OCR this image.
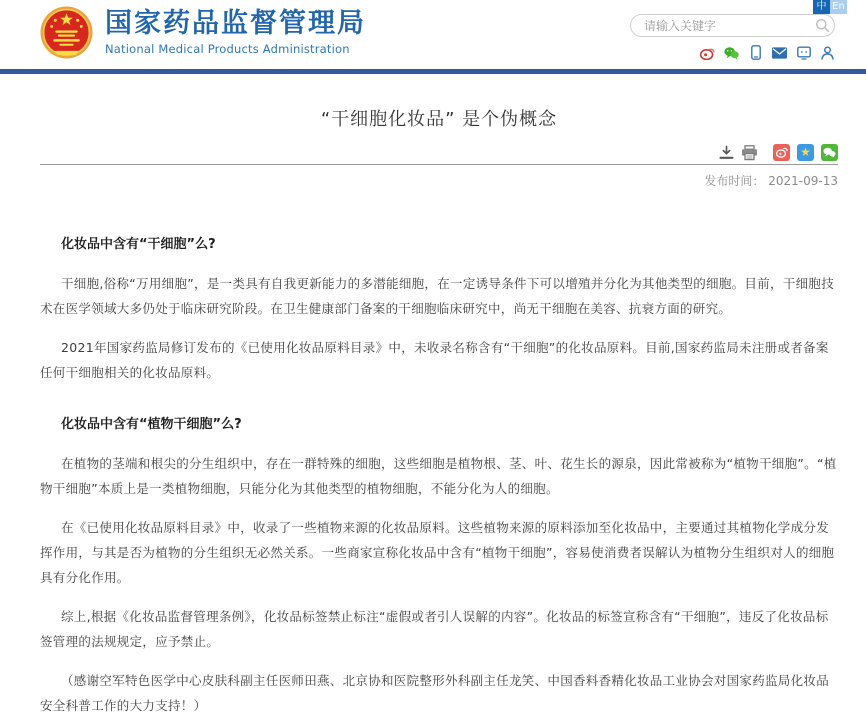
国家药品监督管理局
National Medical Products Administration
中 En
请输入关键字
“干细胞化妆品” 是个伪概念
★
发布时间： 2021-09-13
化妆品中含有“干细胞”么?

干细胞,俗称“万用细胞”，是一类具有自我更新能力的多潜能细胞，在一定诱导条件下可以增殖并分化为其他类型的细胞。目前，干细胞技术在医学领域大多仍处于临床研究阶段。在卫生健康部门备案的干细胞临床研究中，尚无干细胞在美容、抗衰方面的研究。

2021年国家药监局修订发布的《已使用化妆品原料目录》中，未收录名称含有“干细胞”的化妆品原料。目前,国家药监局未注册或者备案任何干细胞相关的化妆品原料。

化妆品中含有“植物干细胞”么?

在植物的茎端和根尖的分生组织中，存在一群特殊的细胞，这些细胞是植物根、茎、叶、花生长的源泉，因此常被称为“植物干细胞”。“植物干细胞”本质上是一类植物细胞，只能分化为其他类型的植物细胞，不能分化为人的细胞。

在《已使用化妆品原料目录》中，收录了一些植物来源的化妆品原料。这些植物来源的原料添加至化妆品中，主要通过其植物化学成分发挥作用，与其是否为植物的分生组织无必然关系。一些商家宣称化妆品中含有“植物干细胞”，容易使消费者误解认为植物分生组织对人的细胞具有分化作用。

综上,根据《化妆品监督管理条例》，化妆品标签禁止标注“虚假或者引人误解的内容”。化妆品的标签宣称含有“干细胞”，违反了化妆品标签管理的法规规定，应予禁止。

（感谢空军特色医学中心皮肤科副主任医师田燕、北京协和医院整形外科副主任龙笑、中国香料香精化妆品工业协会对国家药监局化妆品安全科普工作的大力支持！）
